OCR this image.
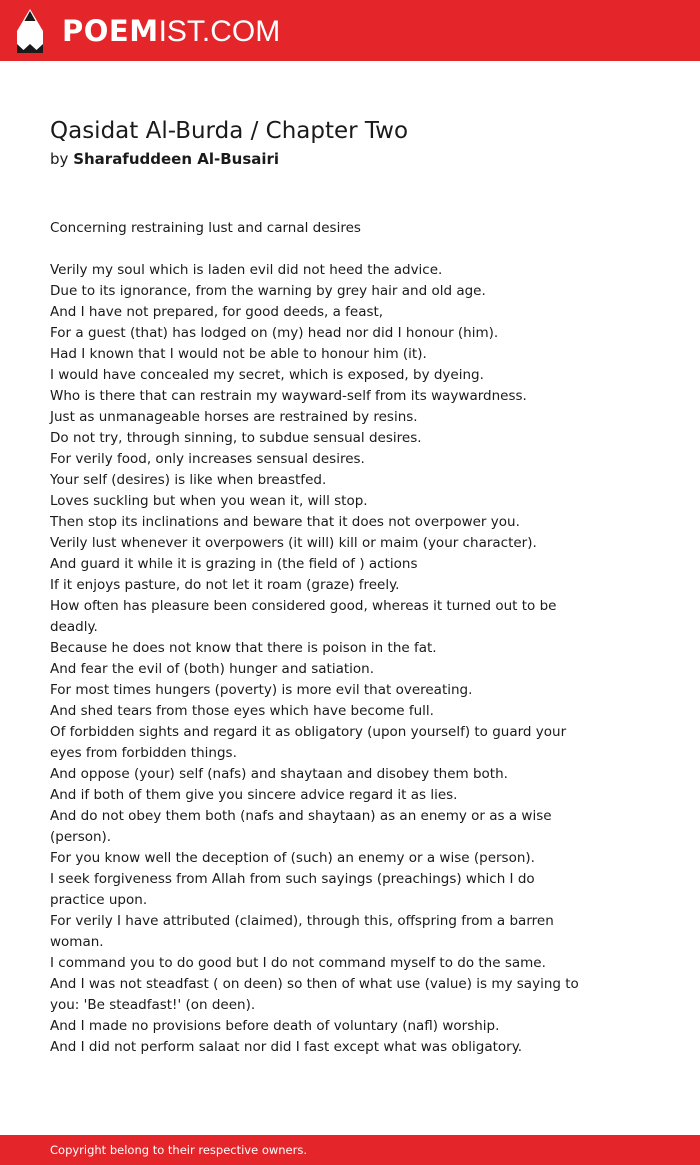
POEMIST.COM
Qasidat Al-Burda / Chapter Two
by Sharafuddeen Al-Busairi
Concerning restraining lust and carnal desires
Verily my soul which is laden evil did not heed the advice.
Due to its ignorance, from the warning by grey hair and old age.
And I have not prepared, for good deeds, a feast,
For a guest (that) has lodged on (my) head nor did I honour (him).
Had I known that I would not be able to honour him (it).
I would have concealed my secret, which is exposed, by dyeing.
Who is there that can restrain my wayward-self from its waywardness.
Just as unmanageable horses are restrained by resins.
Do not try, through sinning, to subdue sensual desires.
For verily food, only increases sensual desires.
Your self (desires) is like when breastfed.
Loves suckling but when you wean it, will stop.
Then stop its inclinations and beware that it does not overpower you.
Verily lust whenever it overpowers (it will) kill or maim (your character).
And guard it while it is grazing in (the field of ) actions
If it enjoys pasture, do not let it roam (graze) freely.
How often has pleasure been considered good, whereas it turned out to be deadly.
Because he does not know that there is poison in the fat.
And fear the evil of (both) hunger and satiation.
For most times hungers (poverty) is more evil that overeating.
And shed tears from those eyes which have become full.
Of forbidden sights and regard it as obligatory (upon yourself) to guard your eyes from forbidden things.
And oppose (your) self (nafs) and shaytaan and disobey them both.
And if both of them give you sincere advice regard it as lies.
And do not obey them both (nafs and shaytaan) as an enemy or as a wise (person).
For you know well the deception of (such) an enemy or a wise (person).
I seek forgiveness from Allah from such sayings (preachings) which I do practice upon.
For verily I have attributed (claimed), through this, offspring from a barren woman.
I command you to do good but I do not command myself to do the same.
And I was not steadfast ( on deen) so then of what use (value) is my saying to you: 'Be steadfast!' (on deen).
And I made no provisions before death of voluntary (nafl) worship.
And I did not perform salaat nor did I fast except what was obligatory.
Copyright belong to their respective owners.
